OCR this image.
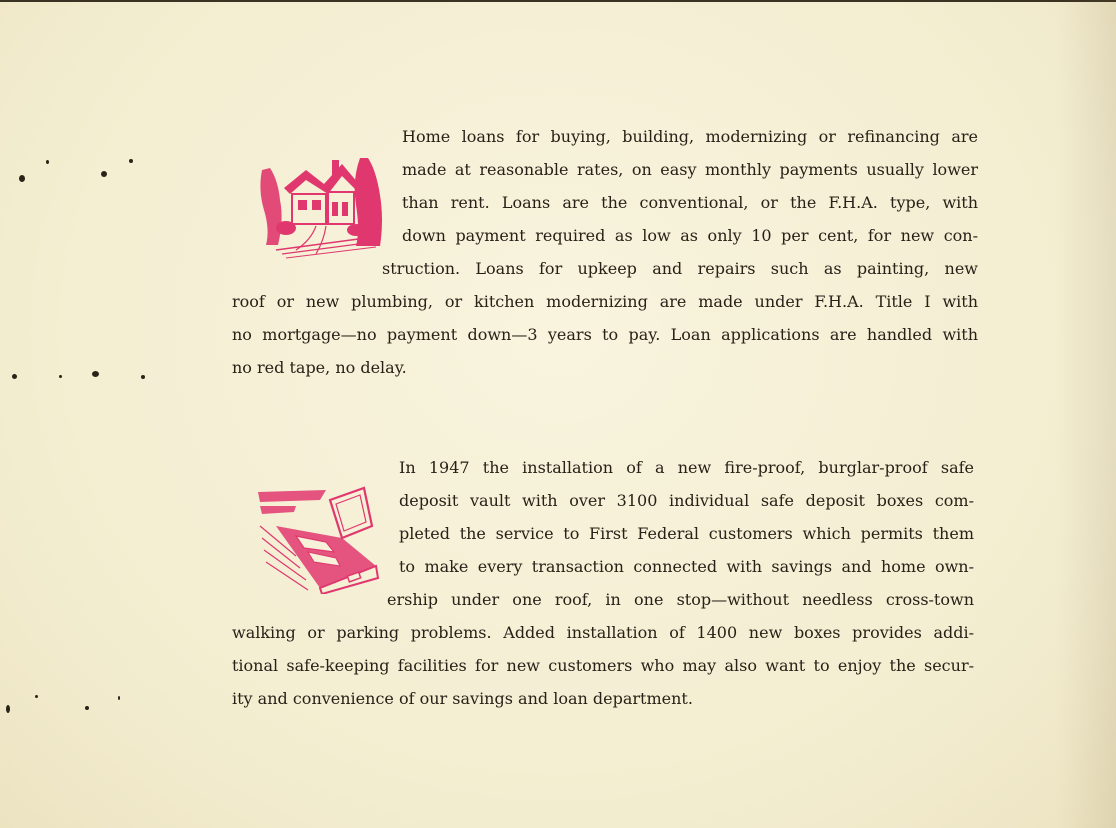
Home loans for buying, building, modernizing or refinancing are
made at reasonable rates, on easy monthly payments usually lower
than rent. Loans are the conventional, or the F.H.A. type, with
down payment required as low as only 10 per cent, for new con-
struction. Loans for upkeep and repairs such as painting, new
roof or new plumbing, or kitchen modernizing are made under F.H.A. Title I with
no mortgage—no payment down—3 years to pay. Loan applications are handled with
no red tape, no delay.
In 1947 the installation of a new fire-proof, burglar-proof safe
deposit vault with over 3100 individual safe deposit boxes com-
pleted the service to First Federal customers which permits them
to make every transaction connected with savings and home own-
ership under one roof, in one stop—without needless cross-town
walking or parking problems. Added installation of 1400 new boxes provides addi-
tional safe-keeping facilities for new customers who may also want to enjoy the secur-
ity and convenience of our savings and loan department.
